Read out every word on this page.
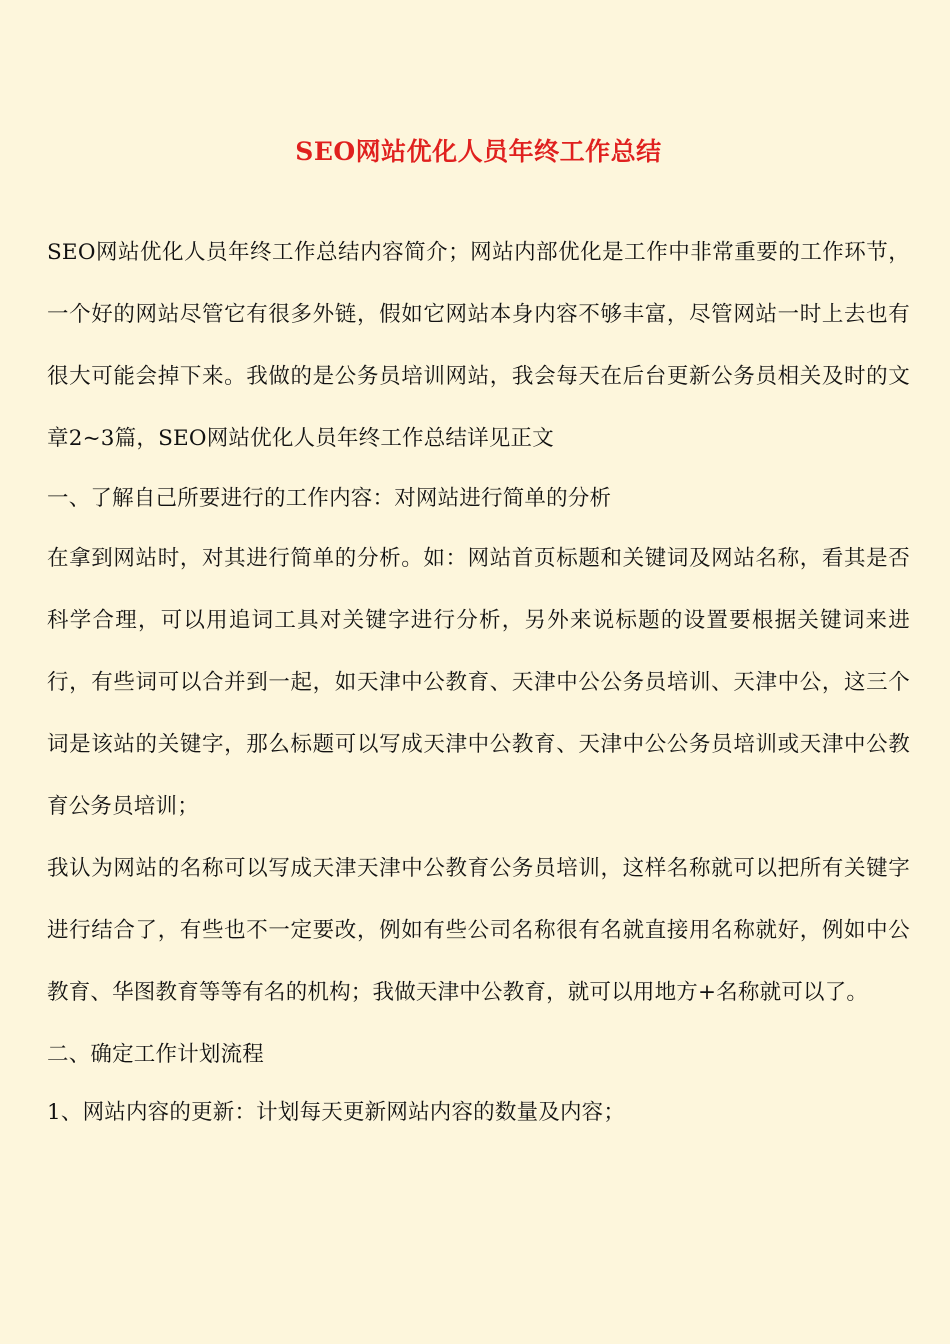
SEO网站优化人员年终工作总结

SEO网站优化人员年终工作总结内容简介；网站内部优化是工作中非常重要的工作环节，一个好的网站尽管它有很多外链，假如它网站本身内容不够丰富，尽管网站一时上去也有很大可能会掉下来。我做的是公务员培训网站，我会每天在后台更新公务员相关及时的文章2~3篇，SEO网站优化人员年终工作总结详见正文

一、了解自己所要进行的工作内容：对网站进行简单的分析

在拿到网站时，对其进行简单的分析。如：网站首页标题和关键词及网站名称，看其是否科学合理，可以用追词工具对关键字进行分析，另外来说标题的设置要根据关键词来进行，有些词可以合并到一起，如天津中公教育、天津中公公务员培训、天津中公，这三个词是该站的关键字，那么标题可以写成天津中公教育、天津中公公务员培训或天津中公教育公务员培训；

我认为网站的名称可以写成天津天津中公教育公务员培训，这样名称就可以把所有关键字进行结合了，有些也不一定要改，例如有些公司名称很有名就直接用名称就好，例如中公教育、华图教育等等有名的机构；我做天津中公教育，就可以用地方+名称就可以了。

二、确定工作计划流程

1、网站内容的更新：计划每天更新网站内容的数量及内容；
